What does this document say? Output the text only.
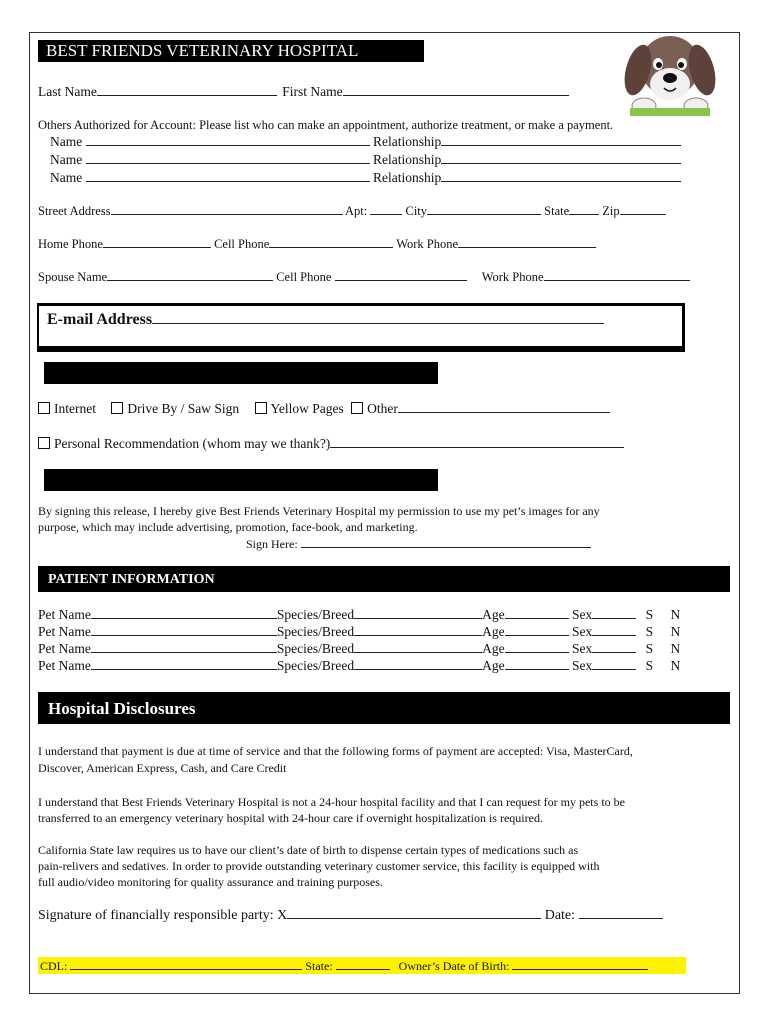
BEST FRIENDS VETERINARY HOSPITAL
Last Name	First Name
Others Authorized for Account: Please list who can make an appointment, authorize treatment, or make a payment.
Name	Relationship
Name	Relationship
Name	Relationship
Street Address	Apt:	City	State	Zip
Home Phone	Cell Phone	Work Phone
Spouse Name	Cell Phone	Work Phone
E-mail Address
Internet Drive By / Saw Sign Yellow Pages Other
Personal Recommendation (whom may we thank?)
By signing this release, I hereby give Best Friends Veterinary Hospital my permission to use my pet’s images for any
purpose, which may include advertising, promotion, face-book, and marketing.
Sign Here:
PATIENT INFORMATION
Pet Name	Species/Breed	Age	Sex	S N
Pet Name	Species/Breed	Age	Sex	S N
Pet Name	Species/Breed	Age	Sex	S N
Pet Name	Species/Breed	Age	Sex	S N
Hospital Disclosures
I understand that payment is due at time of service and that the following forms of payment are accepted: Visa, MasterCard,
Discover, American Express, Cash, and Care Credit
I understand that Best Friends Veterinary Hospital is not a 24-hour hospital facility and that I can request for my pets to be
transferred to an emergency veterinary hospital with 24-hour care if overnight hospitalization is required.
California State law requires us to have our client’s date of birth to dispense certain types of medications such as
pain-relivers and sedatives. In order to provide outstanding veterinary customer service, this facility is equipped with
full audio/video monitoring for quality assurance and training purposes.
Signature of financially responsible party: X	Date:
CDL:	State:	Owner’s Date of Birth:
